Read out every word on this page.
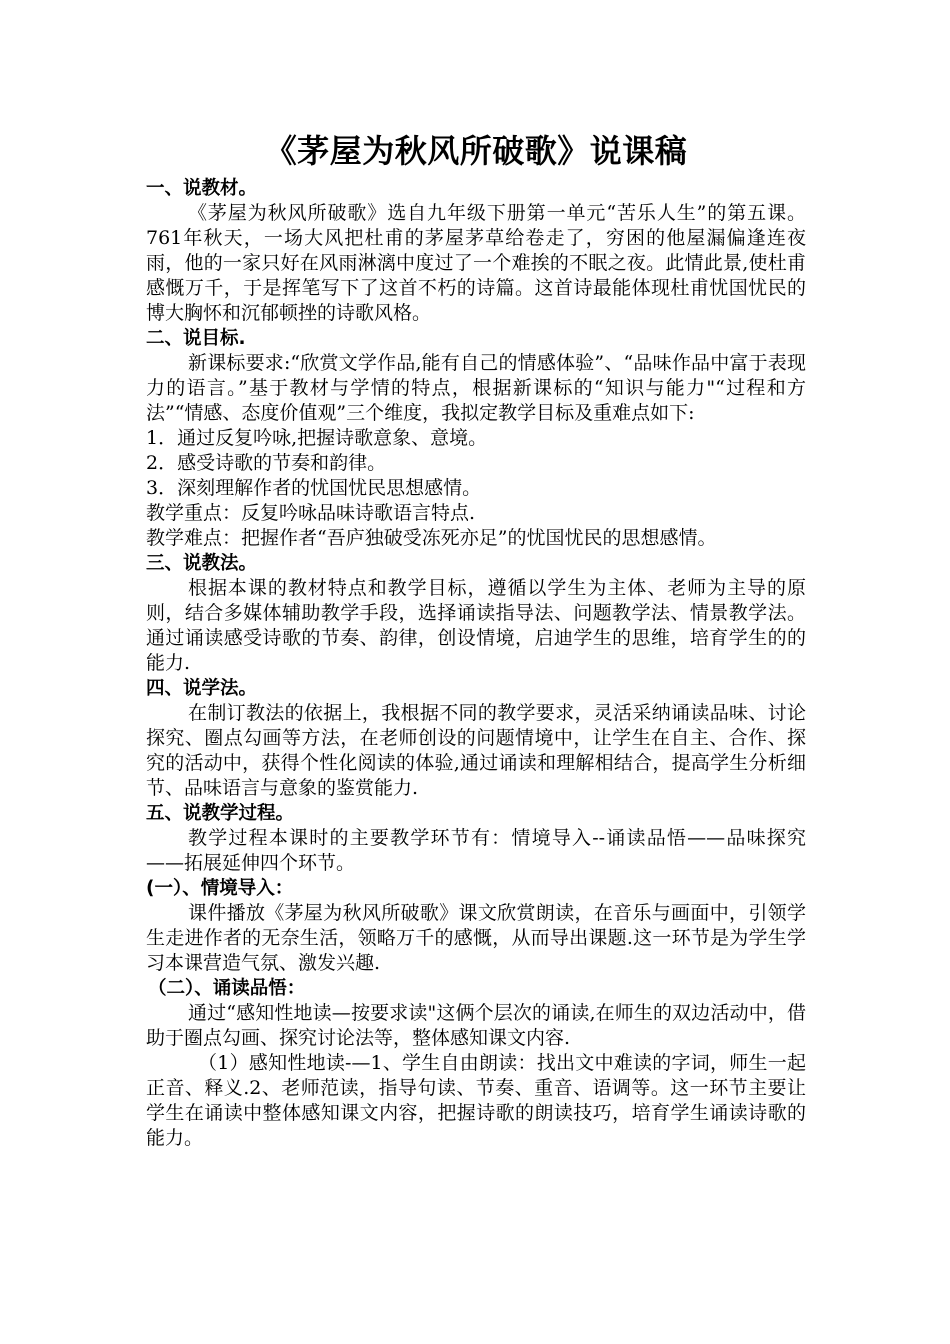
《茅屋为秋风所破歌》说课稿
一、说教材。
《茅屋为秋风所破歌》选自九年级下册第一单元“苦乐人生”的第五课。761年秋天，一场大风把杜甫的茅屋茅草给卷走了，穷困的他屋漏偏逢连夜雨，他的一家只好在风雨淋漓中度过了一个难挨的不眠之夜。此情此景,使杜甫感慨万千，于是挥笔写下了这首不朽的诗篇。这首诗最能体现杜甫忧国忧民的博大胸怀和沉郁顿挫的诗歌风格。
二、说目标.
新课标要求:“欣赏文学作品,能有自己的情感体验”、“品味作品中富于表现力的语言。”基于教材与学情的特点，根据新课标的“知识与能力"“过程和方法”“情感、态度价值观”三个维度，我拟定教学目标及重难点如下:
1．通过反复吟咏,把握诗歌意象、意境。
2．感受诗歌的节奏和韵律。
3．深刻理解作者的忧国忧民思想感情。
教学重点： 反复吟咏品味诗歌语言特点.
教学难点： 把握作者“吾庐独破受冻死亦足”的忧国忧民的思想感情。
三、说教法。
根据本课的教材特点和教学目标，遵循以学生为主体、老师为主导的原则，结合多媒体辅助教学手段，选择诵读指导法、问题教学法、情景教学法。通过诵读感受诗歌的节奏、韵律，创设情境，启迪学生的思维，培育学生的的能力.
四、说学法。
在制订教法的依据上，我根据不同的教学要求，灵活采纳诵读品味、讨论探究、圈点勾画等方法，在老师创设的问题情境中，让学生在自主、合作、探究的活动中，获得个性化阅读的体验,通过诵读和理解相结合，提高学生分析细节、品味语言与意象的鉴赏能力.
五、说教学过程。
教学过程本课时的主要教学环节有：情境导入--诵读品悟——品味探究——拓展延伸四个环节。
(一）、情境导入：
课件播放《茅屋为秋风所破歌》课文欣赏朗读，在音乐与画面中，引领学生走进作者的无奈生活，领略万千的感慨，从而导出课题.这一环节是为学生学习本课营造气氛、激发兴趣.
（二）、诵读品悟：
通过“感知性地读—按要求读"这俩个层次的诵读,在师生的双边活动中，借助于圈点勾画、探究讨论法等，整体感知课文内容.
（1）感知性地读-—1、学生自由朗读：找出文中难读的字词，师生一起正音、释义.2、老师范读，指导句读、节奏、重音、语调等。这一环节主要让学生在诵读中整体感知课文内容，把握诗歌的朗读技巧，培育学生诵读诗歌的能力。
